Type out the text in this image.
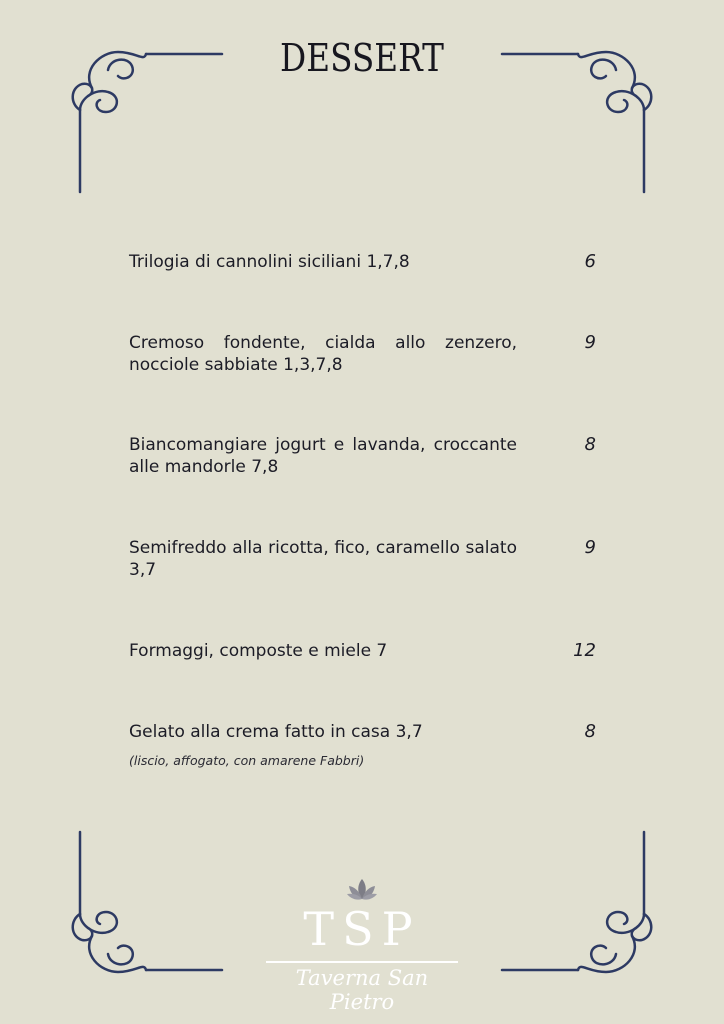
DESSERT
Trilogia di cannolini siciliani 1,7,8	6
Cremoso fondente, cialda allo zenzero, nocciole sabbiate 1,3,7,8
9
Biancomangiare jogurt e lavanda, croccante alle mandorle 7,8
8
Semifreddo alla ricotta, fico, caramello salato 3,7
9
Formaggi, composte e miele 7	12
Gelato alla crema fatto in casa 3,7
(liscio, affogato, con amarene Fabbri)
8
TSP
Taverna San Pietro
